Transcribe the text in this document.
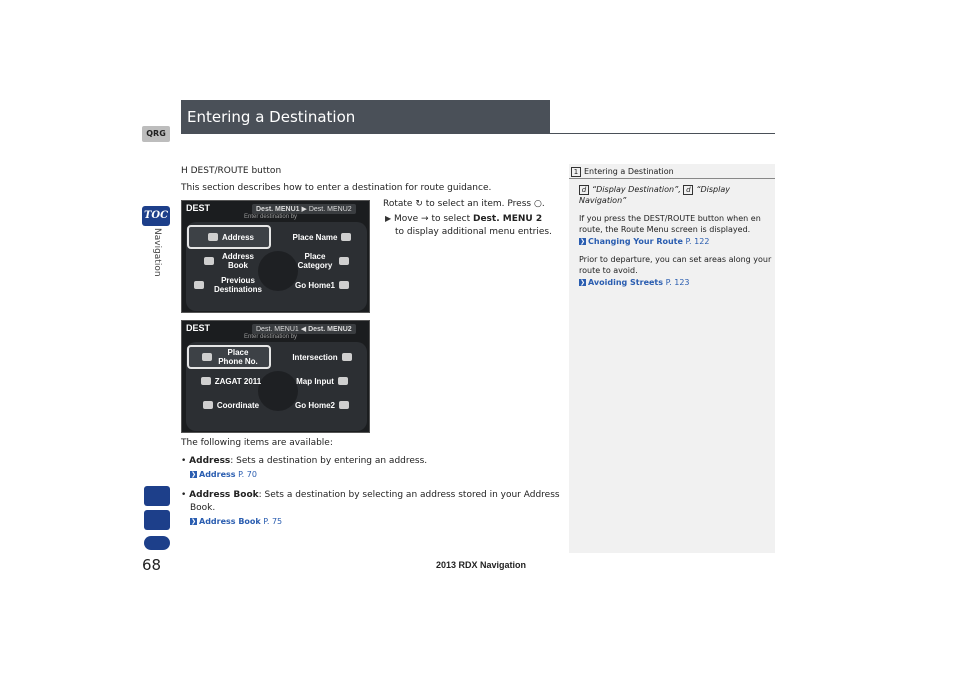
QRG
TOC
Navigation
68
Entering a Destination
H DEST/ROUTE button
This section describes how to enter a destination for route guidance.
Rotate ↻ to select an item. Press ○.
▶ Move → to select Dest. MENU 2
to display additional menu entries.
DEST	Dest. MENU1 ▶ Dest. MENU2
Enter destination by
Address	Place Name
Address Book
Place Category
Previous Destinations	Go Home1
DEST	Dest. MENU1 ◀ Dest. MENU2
Enter destination by
Place Phone No.	Intersection
ZAGAT 2011	Map Input
Coordinate	Go Home2
The following items are available:
• Address: Sets a destination by entering an address.
❯ Address P. 70
• Address Book: Sets a destination by selecting an address stored in your Address
Book.
❯ Address Book P. 75
1 Entering a Destination
d “Display Destination”, d “Display
Navigation”
If you press the DEST/ROUTE button when en
route, the Route Menu screen is displayed.
❯ Changing Your Route P. 122
Prior to departure, you can set areas along your
route to avoid.
❯ Avoiding Streets P. 123
2013 RDX Navigation
